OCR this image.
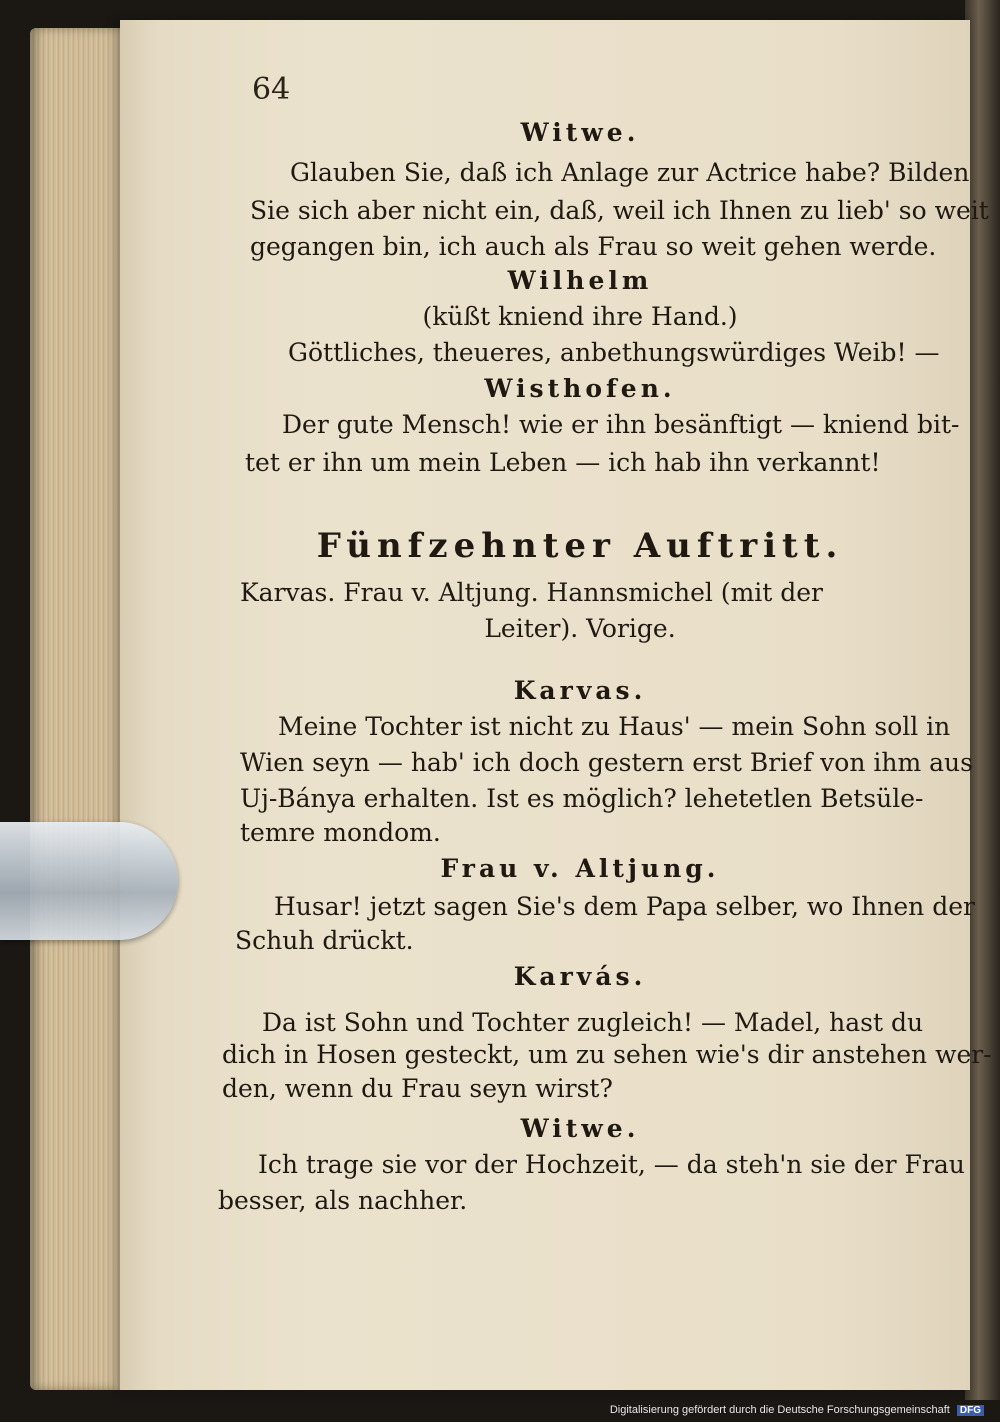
64
Witwe.
Glauben Sie, daß ich Anlage zur Actrice habe? Bilden
Sie sich aber nicht ein, daß, weil ich Ihnen zu lieb' so weit
gegangen bin, ich auch als Frau so weit gehen werde.
Wilhelm
(küßt kniend ihre Hand.)
Göttliches, theueres, anbethungswürdiges Weib! —
Wisthofen.
Der gute Mensch! wie er ihn besänftigt — kniend bit-
tet er ihn um mein Leben — ich hab ihn verkannt!
Fünfzehnter Auftritt.
Karvas. Frau v. Altjung. Hannsmichel (mit der
Leiter). Vorige.
Karvas.
Meine Tochter ist nicht zu Haus' — mein Sohn soll in
Wien seyn — hab' ich doch gestern erst Brief von ihm aus
Uj-Bánya erhalten. Ist es möglich? lehetetlen Betsüle-
temre mondom.
Frau v. Altjung.
Husar! jetzt sagen Sie's dem Papa selber, wo Ihnen der
Schuh drückt.
Karvás.
Da ist Sohn und Tochter zugleich! — Madel, hast du
dich in Hosen gesteckt, um zu sehen wie's dir anstehen wer-
den, wenn du Frau seyn wirst?
Witwe.
Ich trage sie vor der Hochzeit, — da steh'n sie der Frau
besser, als nachher.
Digitalisierung gefördert durch die Deutsche Forschungsgemeinschaft DFG
